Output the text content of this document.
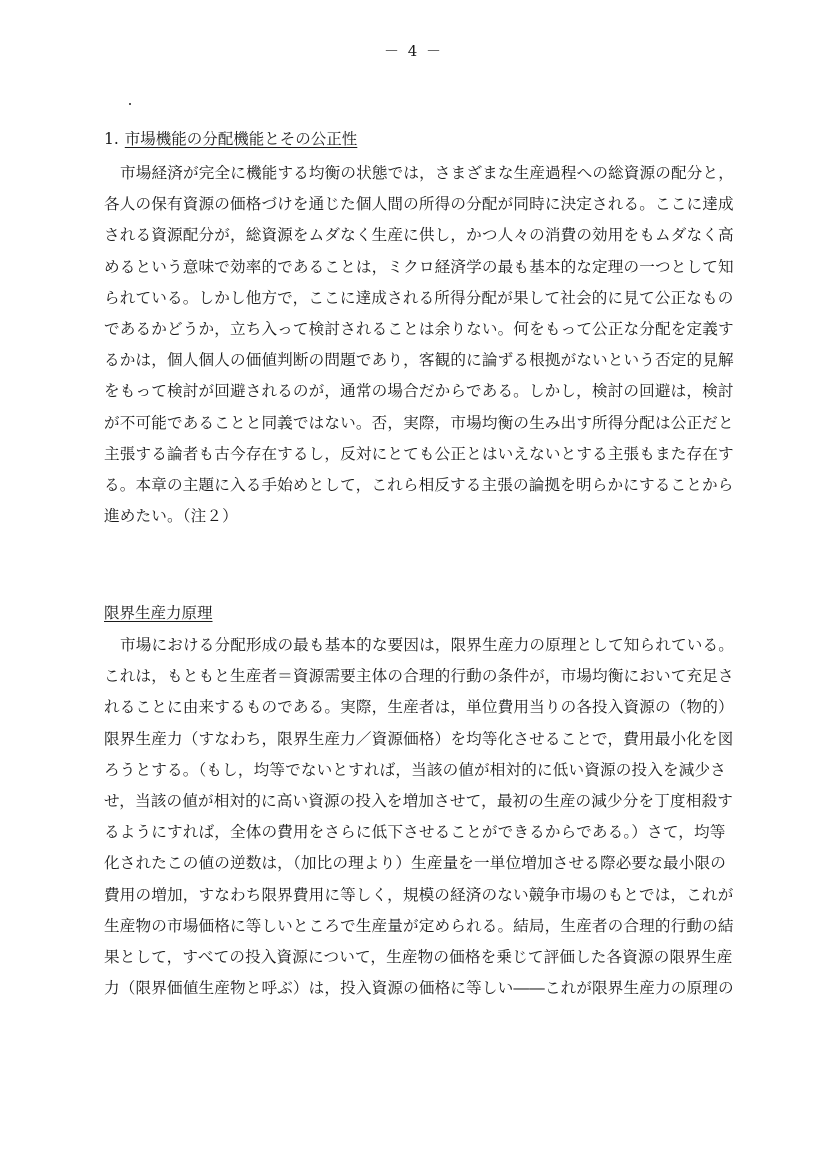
－ 4 －
1. 市場機能の分配機能とその公正性

市場経済が完全に機能する均衡の状態では，さまざまな生産過程への総資源の配分と，
各人の保有資源の価格づけを通じた個人間の所得の分配が同時に決定される。ここに達成
される資源配分が，総資源をムダなく生産に供し，かつ人々の消費の効用をもムダなく高
めるという意味で効率的であることは，ミクロ経済学の最も基本的な定理の一つとして知
られている。しかし他方で，ここに達成される所得分配が果して社会的に見て公正なもの
であるかどうか，立ち入って検討されることは余りない。何をもって公正な分配を定義す
るかは，個人個人の価値判断の問題であり，客観的に論ずる根拠がないという否定的見解
をもって検討が回避されるのが，通常の場合だからである。しかし，検討の回避は，検討
が不可能であることと同義ではない。否，実際，市場均衡の生み出す所得分配は公正だと
主張する論者も古今存在するし，反対にとても公正とはいえないとする主張もまた存在す
る。本章の主題に入る手始めとして，これら相反する主張の論拠を明らかにすることから
進めたい。（注２）

限界生産力原理

市場における分配形成の最も基本的な要因は，限界生産力の原理として知られている。
これは，もともと生産者＝資源需要主体の合理的行動の条件が，市場均衡において充足さ
れることに由来するものである。実際，生産者は，単位費用当りの各投入資源の（物的）
限界生産力（すなわち，限界生産力／資源価格）を均等化させることで，費用最小化を図
ろうとする。（もし，均等でないとすれば，当該の値が相対的に低い資源の投入を減少さ
せ，当該の値が相対的に高い資源の投入を増加させて，最初の生産の減少分を丁度相殺す
るようにすれば，全体の費用をさらに低下させることができるからである。）さて，均等
化されたこの値の逆数は，（加比の理より）生産量を一単位増加させる際必要な最小限の
費用の増加，すなわち限界費用に等しく，規模の経済のない競争市場のもとでは，これが
生産物の市場価格に等しいところで生産量が定められる。結局，生産者の合理的行動の結
果として，すべての投入資源について，生産物の価格を乗じて評価した各資源の限界生産
力（限界価値生産物と呼ぶ）は，投入資源の価格に等しい――これが限界生産力の原理の
